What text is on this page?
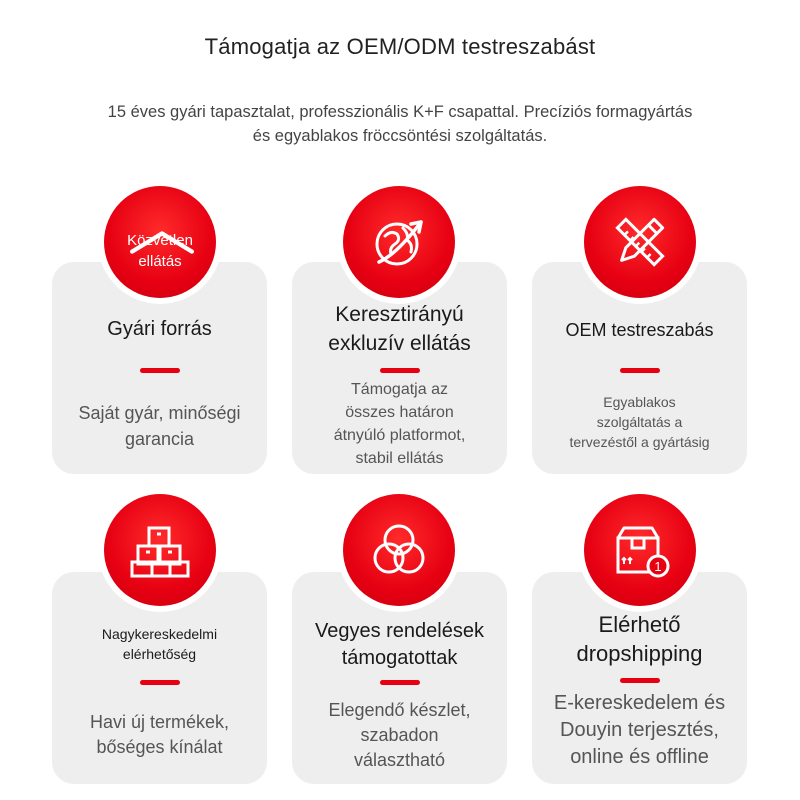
Támogatja az OEM/ODM testreszabást
15 éves gyári tapasztalat, professzionális K+F csapattal. Precíziós formagyártás
és egyablakos fröccsöntési szolgáltatás.
Gyári forrás
Saját gyár, minőségi
garancia
Közvetlen
ellátás
Keresztirányú
exkluzív ellátás
Támogatja az
összes határon
átnyúló platformot,
stabil ellátás
OEM testreszabás
Egyablakos
szolgáltatás a
tervezéstől a gyártásig
Nagykereskedelmi
elérhetőség
Havi új termékek,
bőséges kínálat
Vegyes rendelések
támogatottak
Elegendő készlet,
szabadon
választható
Elérhető
dropshipping
E-kereskedelem és
Douyin terjesztés,
online és offline
1
